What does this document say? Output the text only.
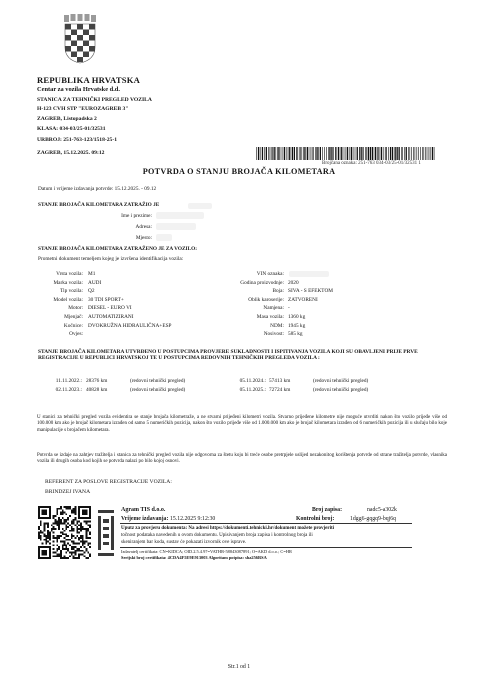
REPUBLIKA HRVATSKA
Centar za vozila Hrvatske d.d.
STANICA ZA TEHNIČKI PREGLED VOZILA
H-123 CVH STP "EUROZAGREB 3"
ZAGREB, Listopadska 2
KLASA: 034-03/25-01/32531
URBROJ: 251-763-123/1518-25-1
ZAGREB, 15.12.2025. 09:12
Brojčana oznaka: 251-763 034-03/25-01/32531 1
POTVRDA O STANJU BROJAČA KILOMETARA
Datum i vrijeme izdavanja potvrde: 15.12.2025. - 09.12
STANJE BROJAČA KILOMETARA ZATRAŽIO JE
Ime i prezime:
Adresa:
Mjesto:
STANJE BROJAČA KILOMETARA ZATRAŽENO JE ZA VOZILO:
Prometni dokument temeljem kojeg je izvršena identifikacija vozila:
Vrsta vozila: M1
Marka vozila: AUDI
Tip vozila: Q2
Model vozila: 30 TDI SPORT+
Motor: DIESEL - EURO VI
Mjenjač: AUTOMATIZIRANI
Kočnice: DVOKRUŽNA HIDRAULIČNA+ESP
Ovjes:
VIN oznaka:
Godina proizvodnje: 2020
Boja: SIVA - S EFEKTOM
Oblik karoserije: ZATVORENI
Namjena: -
Masa vozila: 1360 kg
NDM: 1945 kg
Nosivost: 585 kg
STANJE BROJAČA KILOMETARA UTVRĐENO U POSTUPCIMA PROVJERE SUKLADNOSTI I ISPITIVANJA VOZILA KOJI SU OBAVLJENI PRIJE PRVE REGISTRACIJE U REPUBLICI HRVATSKOJ TE U POSTUPCIMA REDOVNIH TEHNIČKIH PREGLEDA VOZILA :
11.11.2022.: 28376 km	(redovni tehnički pregled)	05.11.2024.: 57413 km	(redovni tehnički pregled)
02.11.2023.: 40828 km	(redovni tehnički pregled)	05.11.2025.: 72724 km	(redovni tehnički pregled)
U stanici za tehnički pregled vozila evidentira se stanje brojača kilometraže, a ne stvarni prijeđeni kilometri vozila. Stvarno prijeđene kilometre nije moguće utvrditi nakon što vozilo prijeđe više od 100.000 km ako je brojač kilometara izrađen od samo 5 numeričkih pozicija, nakon što vozilo prijeđe više od 1.000.000 km ako je brojač kilometara izrađen od 6 numeričkih pozicija ili u slučaju bilo koje manipulacije s brojačem kilometara.
Potvrda se izdaje na zahtjev tražitelja i stanica za tehnički pregled vozila nije odgovorna za štetu koju bi treće osobe pretrpjele uslijed nezakonitog korištenja potvrde od strane tražitelja potvrde, vlasnika vozila ili drugih osoba kod kojih se potvrda nalazi po bilo kojoj osnovi.
REFERENT ZA POSLOVE REGISTRACIJE VOZILA:
BRINDZEJ IVANA
Agram TIS d.o.o.
Vrijeme izdavanja: 15.12.2025 9:12:30
Broj zapisa:	nadc5-a302k
Kontrolni broj:	1dgg6-gqgq9-bqj6q
Uputz za provjeru dokumenta: Na adresi https://dokumenti.tehnicki.hr/dokument možete provjeriti
točnost podataka navedenih u ovom dokumentu. Upisivanjem broja zapisa i kontrolnog broja ili
skeniranjem bar koda, sustav će pokazati izvornik ove isprave.
Izdavatelj certifikata: CN=KIDCA; OID.2.5.4.97=VATHR-58843087891; O=AKD d.o.o.; C=HR
Serijski broj certifikata: 4CDA4F5E9E913003 Algoritam potpisa: sha256RSA
Str.1 od 1
